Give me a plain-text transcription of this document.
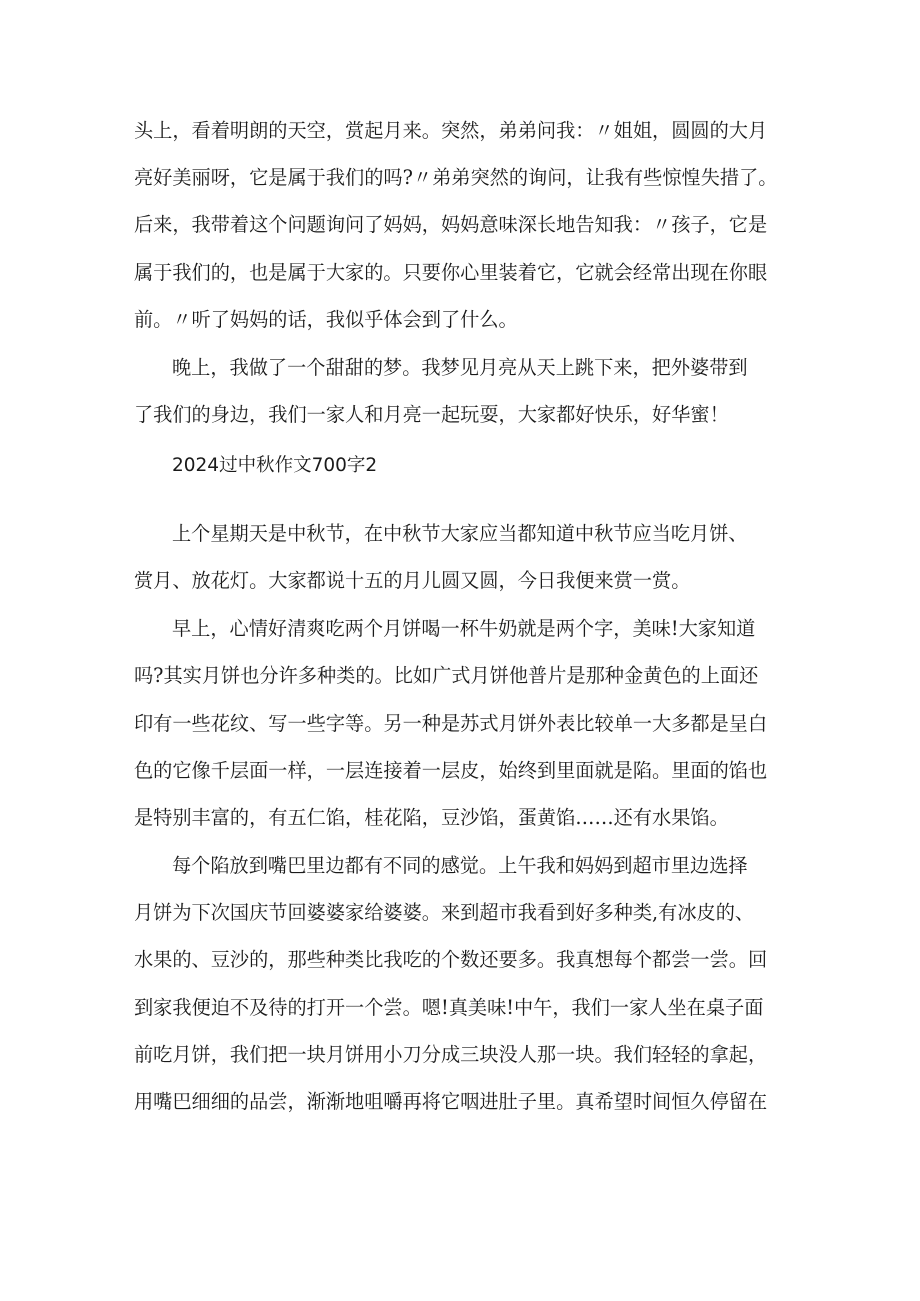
头上，看着明朗的天空，赏起月来。突然，弟弟问我：〃姐姐，圆圆的大月
亮好美丽呀，它是属于我们的吗?〃弟弟突然的询问，让我有些惊惶失措了。
后来，我带着这个问题询问了妈妈，妈妈意味深长地告知我：〃孩子，它是
属于我们的，也是属于大家的。只要你心里装着它，它就会经常出现在你眼
前。〃听了妈妈的话，我似乎体会到了什么。
晚上，我做了一个甜甜的梦。我梦见月亮从天上跳下来，把外婆带到
了我们的身边，我们一家人和月亮一起玩耍，大家都好快乐，好华蜜！
2024过中秋作文700字2
上个星期天是中秋节，在中秋节大家应当都知道中秋节应当吃月饼、
赏月、放花灯。大家都说十五的月儿圆又圆，今日我便来赏一赏。
早上，心情好清爽吃两个月饼喝一杯牛奶就是两个字，美味!大家知道
吗?其实月饼也分许多种类的。比如广式月饼他普片是那种金黄色的上面还
印有一些花纹、写一些字等。另一种是苏式月饼外表比较单一大多都是呈白
色的它像千层面一样，一层连接着一层皮，始终到里面就是陷。里面的馅也
是特别丰富的，有五仁馅，桂花陷，豆沙馅，蛋黄馅……还有水果馅。
每个陷放到嘴巴里边都有不同的感觉。上午我和妈妈到超市里边选择
月饼为下次国庆节回婆婆家给婆婆。来到超市我看到好多种类,有冰皮的、
水果的、豆沙的，那些种类比我吃的个数还要多。我真想每个都尝一尝。回
到家我便迫不及待的打开一个尝。嗯!真美味!中午，我们一家人坐在桌子面
前吃月饼，我们把一块月饼用小刀分成三块没人那一块。我们轻轻的拿起，
用嘴巴细细的品尝，渐渐地咀嚼再将它咽进肚子里。真希望时间恒久停留在
